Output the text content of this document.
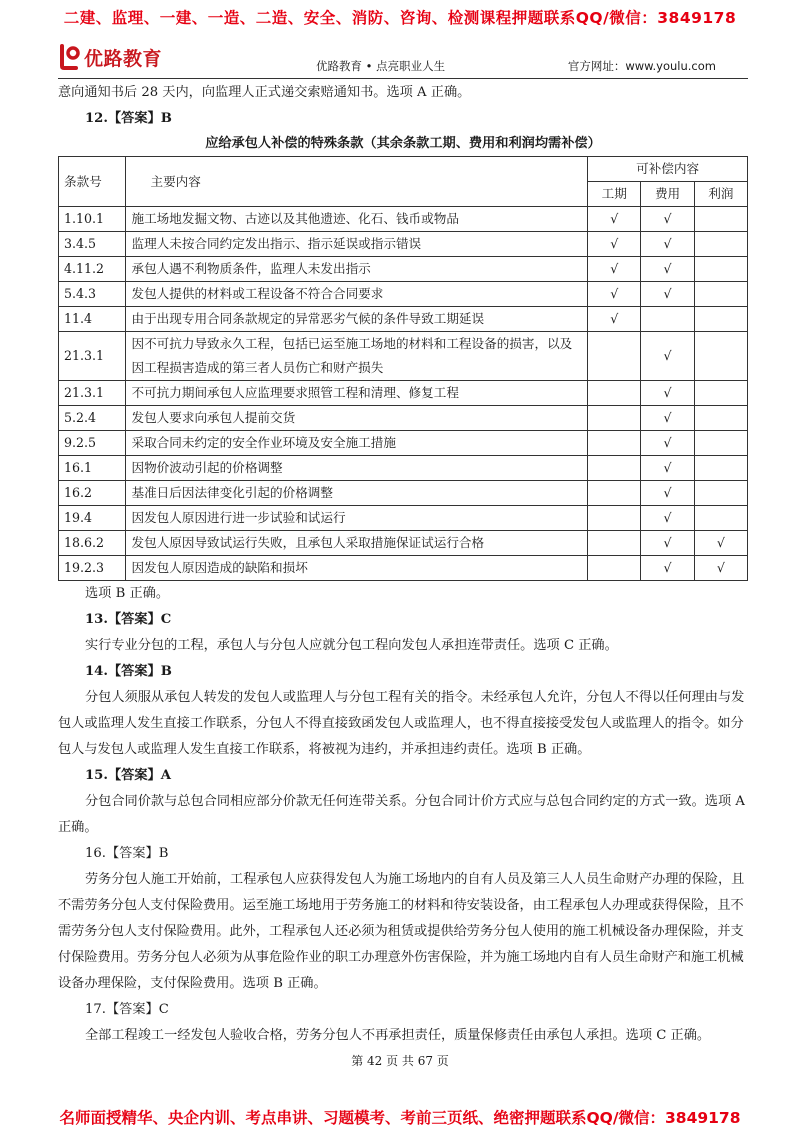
二建、监理、一建、一造、二造、安全、消防、咨询、检测课程押题联系QQ/微信：3849178
优路教育	优路教育 • 点亮职业人生	官方网址：www.youlu.com

意向通知书后 28 天内，向监理人正式递交索赔通知书。选项 A 正确。

12.【答案】B

应给承包人补偿的特殊条款（其余条款工期、费用和利润均需补偿）

条款号	主要内容	可补偿内容		
		工期	费用	利润
1.10.1	施工场地发掘文物、古迹以及其他遗迹、化石、钱币或物品	√	√	
3.4.5	监理人未按合同约定发出指示、指示延误或指示错误	√	√	
4.11.2	承包人遇不利物质条件，监理人未发出指示	√	√	
5.4.3	发包人提供的材料或工程设备不符合合同要求	√	√	
11.4	由于出现专用合同条款规定的异常恶劣气候的条件导致工期延误	√		
21.3.1	因不可抗力导致永久工程，包括已运至施工场地的材料和工程设备的损害，以及因工程损害造成的第三者人员伤亡和财产损失		√	
21.3.1	不可抗力期间承包人应监理要求照管工程和清理、修复工程		√	
5.2.4	发包人要求向承包人提前交货		√	
9.2.5	采取合同未约定的安全作业环境及安全施工措施		√	
16.1	因物价波动引起的价格调整		√	
16.2	基准日后因法律变化引起的价格调整		√	
19.4	因发包人原因进行进一步试验和试运行		√	
18.6.2	发包人原因导致试运行失败，且承包人采取措施保证试运行合格		√	√
19.2.3	因发包人原因造成的缺陷和损坏		√	√

选项 B 正确。

13.【答案】C

实行专业分包的工程，承包人与分包人应就分包工程向发包人承担连带责任。选项 C 正确。

14.【答案】B

分包人须服从承包人转发的发包人或监理人与分包工程有关的指令。未经承包人允许，分包人不得以任何理由与发包人或监理人发生直接工作联系，分包人不得直接致函发包人或监理人，也不得直接接受发包人或监理人的指令。如分包人与发包人或监理人发生直接工作联系，将被视为违约，并承担违约责任。选项 B 正确。

15.【答案】A

分包合同价款与总包合同相应部分价款无任何连带关系。分包合同计价方式应与总包合同约定的方式一致。选项 A 正确。

16.【答案】B

劳务分包人施工开始前，工程承包人应获得发包人为施工场地内的自有人员及第三人人员生命财产办理的保险，且不需劳务分包人支付保险费用。运至施工场地用于劳务施工的材料和待安装设备，由工程承包人办理或获得保险，且不需劳务分包人支付保险费用。此外，工程承包人还必须为租赁或提供给劳务分包人使用的施工机械设备办理保险，并支付保险费用。劳务分包人必须为从事危险作业的职工办理意外伤害保险，并为施工场地内自有人员生命财产和施工机械设备办理保险，支付保险费用。选项 B 正确。

17.【答案】C

全部工程竣工一经发包人验收合格，劳务分包人不再承担责任，质量保修责任由承包人承担。选项 C 正确。

第 42 页 共 67 页
名师面授精华、央企内训、考点串讲、习题模考、考前三页纸、绝密押题联系QQ/微信：3849178
